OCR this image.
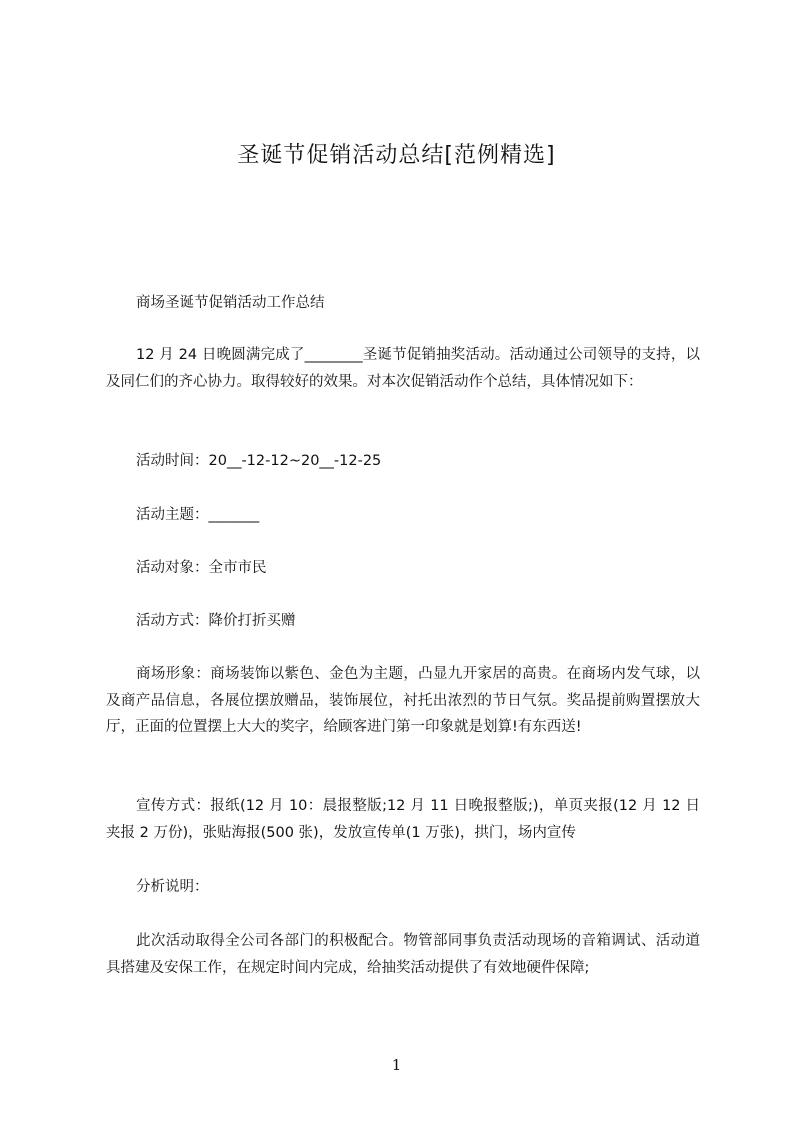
圣诞节促销活动总结[范例精选]

商场圣诞节促销活动工作总结

12 月 24 日晚圆满完成了________圣诞节促销抽奖活动。活动通过公司领导的支持，以及同仁们的齐心协力。取得较好的效果。对本次促销活动作个总结，具体情况如下：

活动时间：20__-12-12~20__-12-25

活动主题：_______

活动对象：全市市民

活动方式：降价打折买赠

商场形象：商场装饰以紫色、金色为主题，凸显九开家居的高贵。在商场内发气球，以及商产品信息，各展位摆放赠品，装饰展位，衬托出浓烈的节日气氛。奖品提前购置摆放大厅，正面的位置摆上大大的奖字，给顾客进门第一印象就是划算!有东西送!

宣传方式：报纸(12 月 10：晨报整版;12 月 11 日晚报整版;)，单页夹报(12 月 12 日夹报 2 万份)，张贴海报(500 张)，发放宣传单(1 万张)，拱门，场内宣传

分析说明：

此次活动取得全公司各部门的积极配合。物管部同事负责活动现场的音箱调试、活动道具搭建及安保工作，在规定时间内完成，给抽奖活动提供了有效地硬件保障;

1
